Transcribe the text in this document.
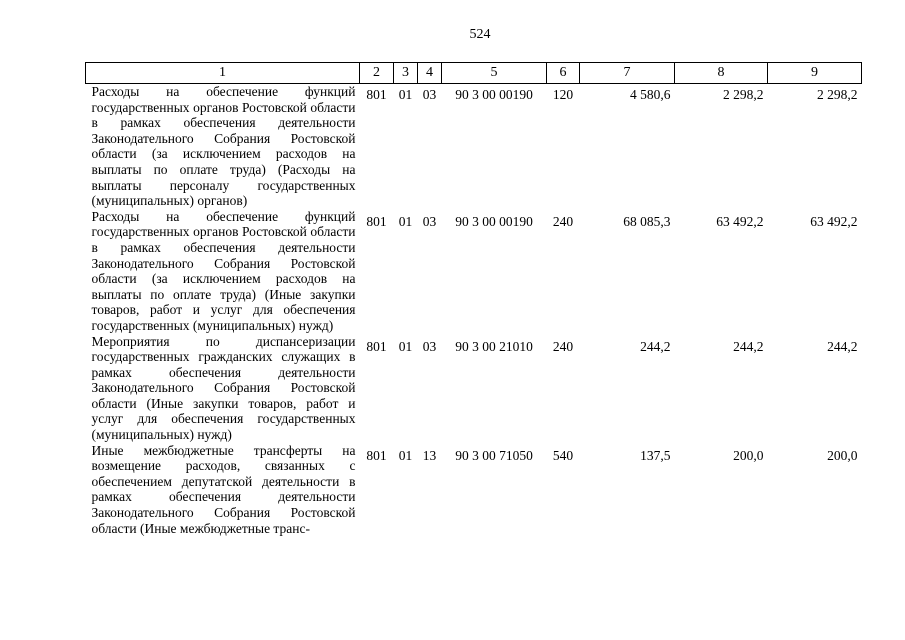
524
1	2	3	4	5	6	7	8	9
Расходы на обеспечение функций государственных органов Ростовской области в рамках обеспечения деятельности Законодательного Собрания Ростовской области (за исключением расходов на выплаты по оплате труда) (Расходы на выплаты персоналу государственных (муниципальных) органов)	801	01	03	90 3 00 00190	120	4 580,6	2 298,2	2 298,2
Расходы на обеспечение функций государственных органов Ростовской области в рамках обеспечения деятельности Законодательного Собрания Ростовской области (за исключением расходов на выплаты по оплате труда) (Иные закупки товаров, работ и услуг для обеспечения государственных (муниципальных) нужд)	801	01	03	90 3 00 00190	240	68 085,3	63 492,2	63 492,2
Мероприятия по диспансеризации государственных гражданских служащих в рамках обеспечения деятельности Законодательного Собрания Ростовской области (Иные закупки товаров, работ и услуг для обеспечения государственных (муниципальных) нужд)	801	01	03	90 3 00 21010	240	244,2	244,2	244,2
Иные межбюджетные трансферты на возмещение расходов, связанных с обеспечением депутатской деятельности в рамках обеспечения деятельности Законодательного Собрания Ростовской области (Иные межбюджетные транс-	801	01	13	90 3 00 71050	540	137,5	200,0	200,0
